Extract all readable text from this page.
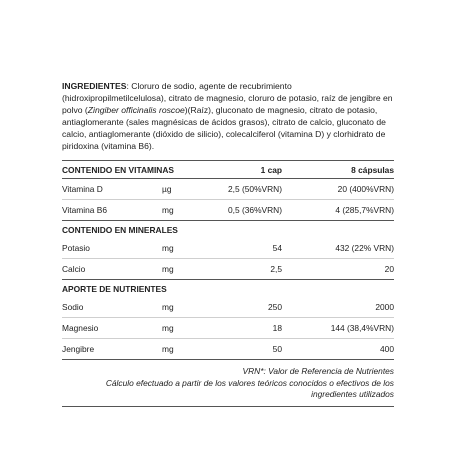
INGREDIENTES: Cloruro de sodio, agente de recubrimiento (hidroxipropilmetilcelulosa), citrato de magnesio, cloruro de potasio, raíz de jengibre en polvo (Zingiber officinalis roscoe)(Raíz), gluconato de magnesio, citrato de potasio, antiaglomerante (sales magnésicas de ácidos grasos), citrato de calcio, gluconato de calcio, antiaglomerante (dióxido de silicio), colecalciferol (vitamina D) y clorhidrato de piridoxina (vitamina B6).

CONTENIDO EN VITAMINAS		1 cap	8 cápsulas
Vitamina D	µg	2,5 (50%VRN)	20 (400%VRN)
Vitamina B6	mg	0,5 (36%VRN)	4 (285,7%VRN)
CONTENIDO EN MINERALES			
Potasio	mg	54	432 (22% VRN)
Calcio	mg	2,5	20
APORTE DE NUTRIENTES			
Sodio	mg	250	2000
Magnesio	mg	18	144 (38,4%VRN)
Jengibre	mg	50	400
VRN*: Valor de Referencia de Nutrientes
Cálculo efectuado a partir de los valores teóricos conocidos o efectivos de los
ingredientes utilizados
